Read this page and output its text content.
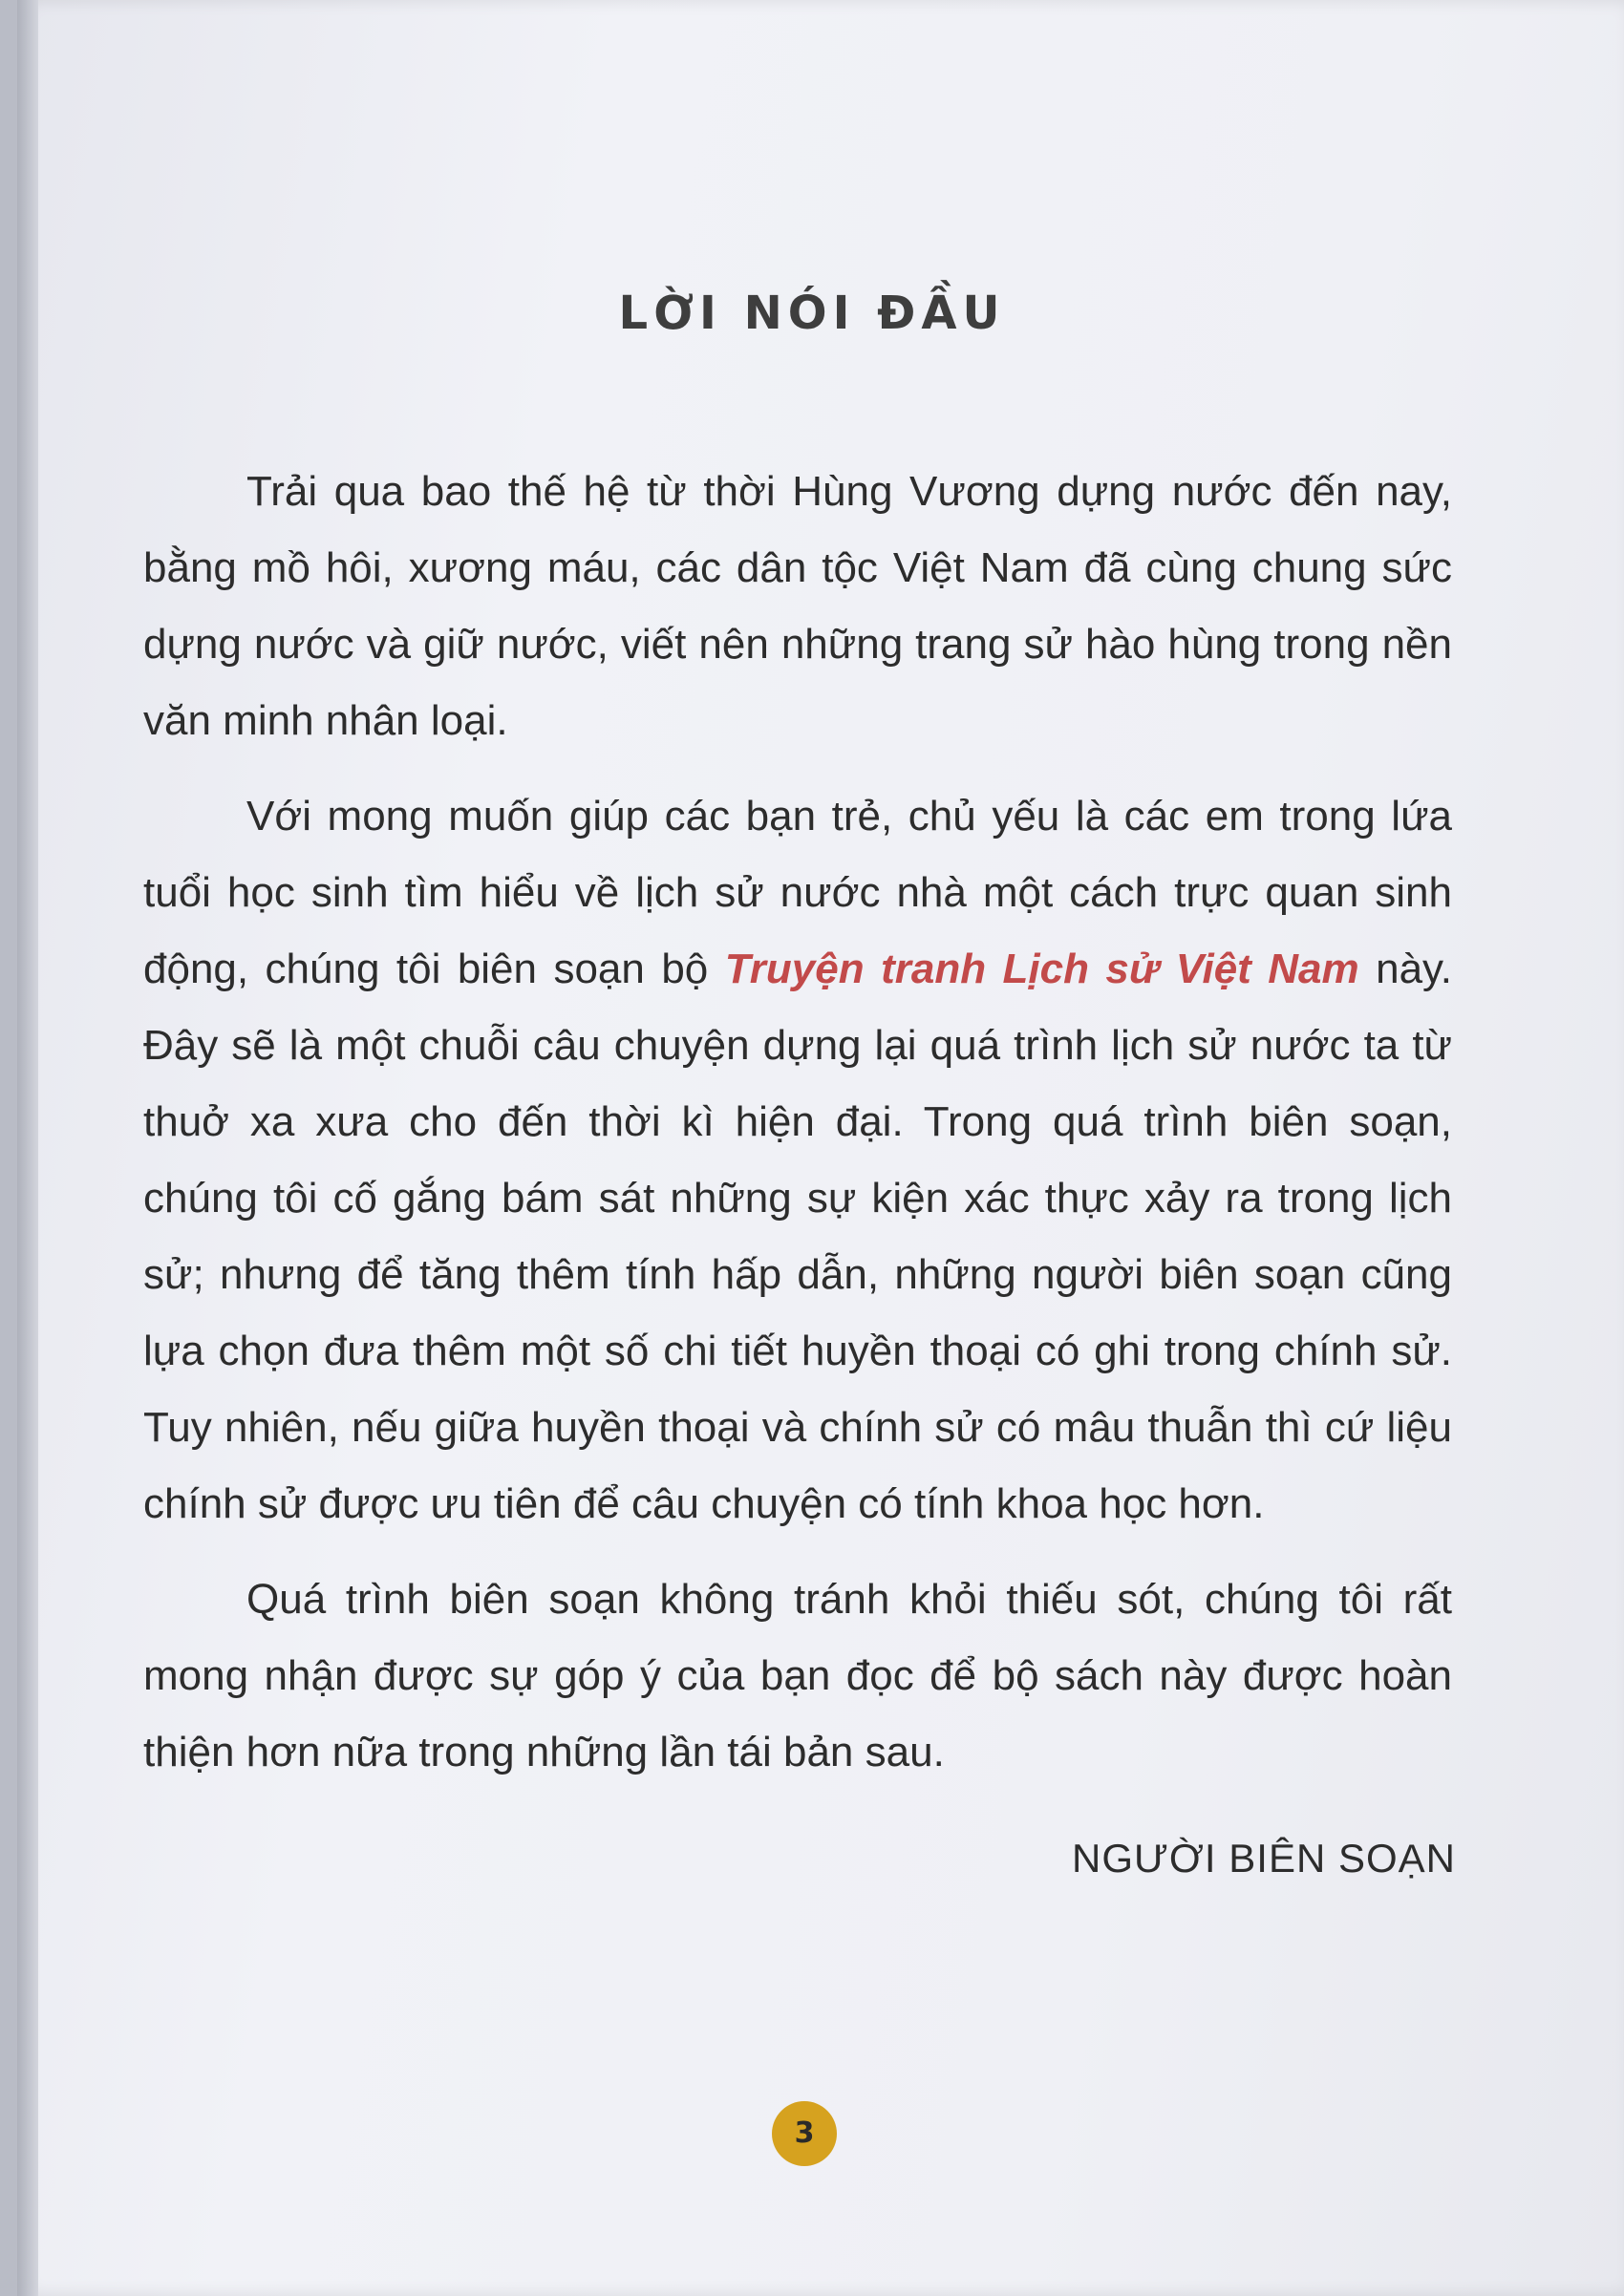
LỜI NÓI ĐẦU

Trải qua bao thế hệ từ thời Hùng Vương dựng nước đến nay, bằng mồ hôi, xương máu, các dân tộc Việt Nam đã cùng chung sức dựng nước và giữ nước, viết nên những trang sử hào hùng trong nền văn minh nhân loại.

Với mong muốn giúp các bạn trẻ, chủ yếu là các em trong lứa tuổi học sinh tìm hiểu về lịch sử nước nhà một cách trực quan sinh động, chúng tôi biên soạn bộ Truyện tranh Lịch sử Việt Nam này. Đây sẽ là một chuỗi câu chuyện dựng lại quá trình lịch sử nước ta từ thuở xa xưa cho đến thời kì hiện đại. Trong quá trình biên soạn, chúng tôi cố gắng bám sát những sự kiện xác thực xảy ra trong lịch sử; nhưng để tăng thêm tính hấp dẫn, những người biên soạn cũng lựa chọn đưa thêm một số chi tiết huyền thoại có ghi trong chính sử. Tuy nhiên, nếu giữa huyền thoại và chính sử có mâu thuẫn thì cứ liệu chính sử được ưu tiên để câu chuyện có tính khoa học hơn.

Quá trình biên soạn không tránh khỏi thiếu sót, chúng tôi rất mong nhận được sự góp ý của bạn đọc để bộ sách này được hoàn thiện hơn nữa trong những lần tái bản sau.

NGƯỜI BIÊN SOẠN
3
